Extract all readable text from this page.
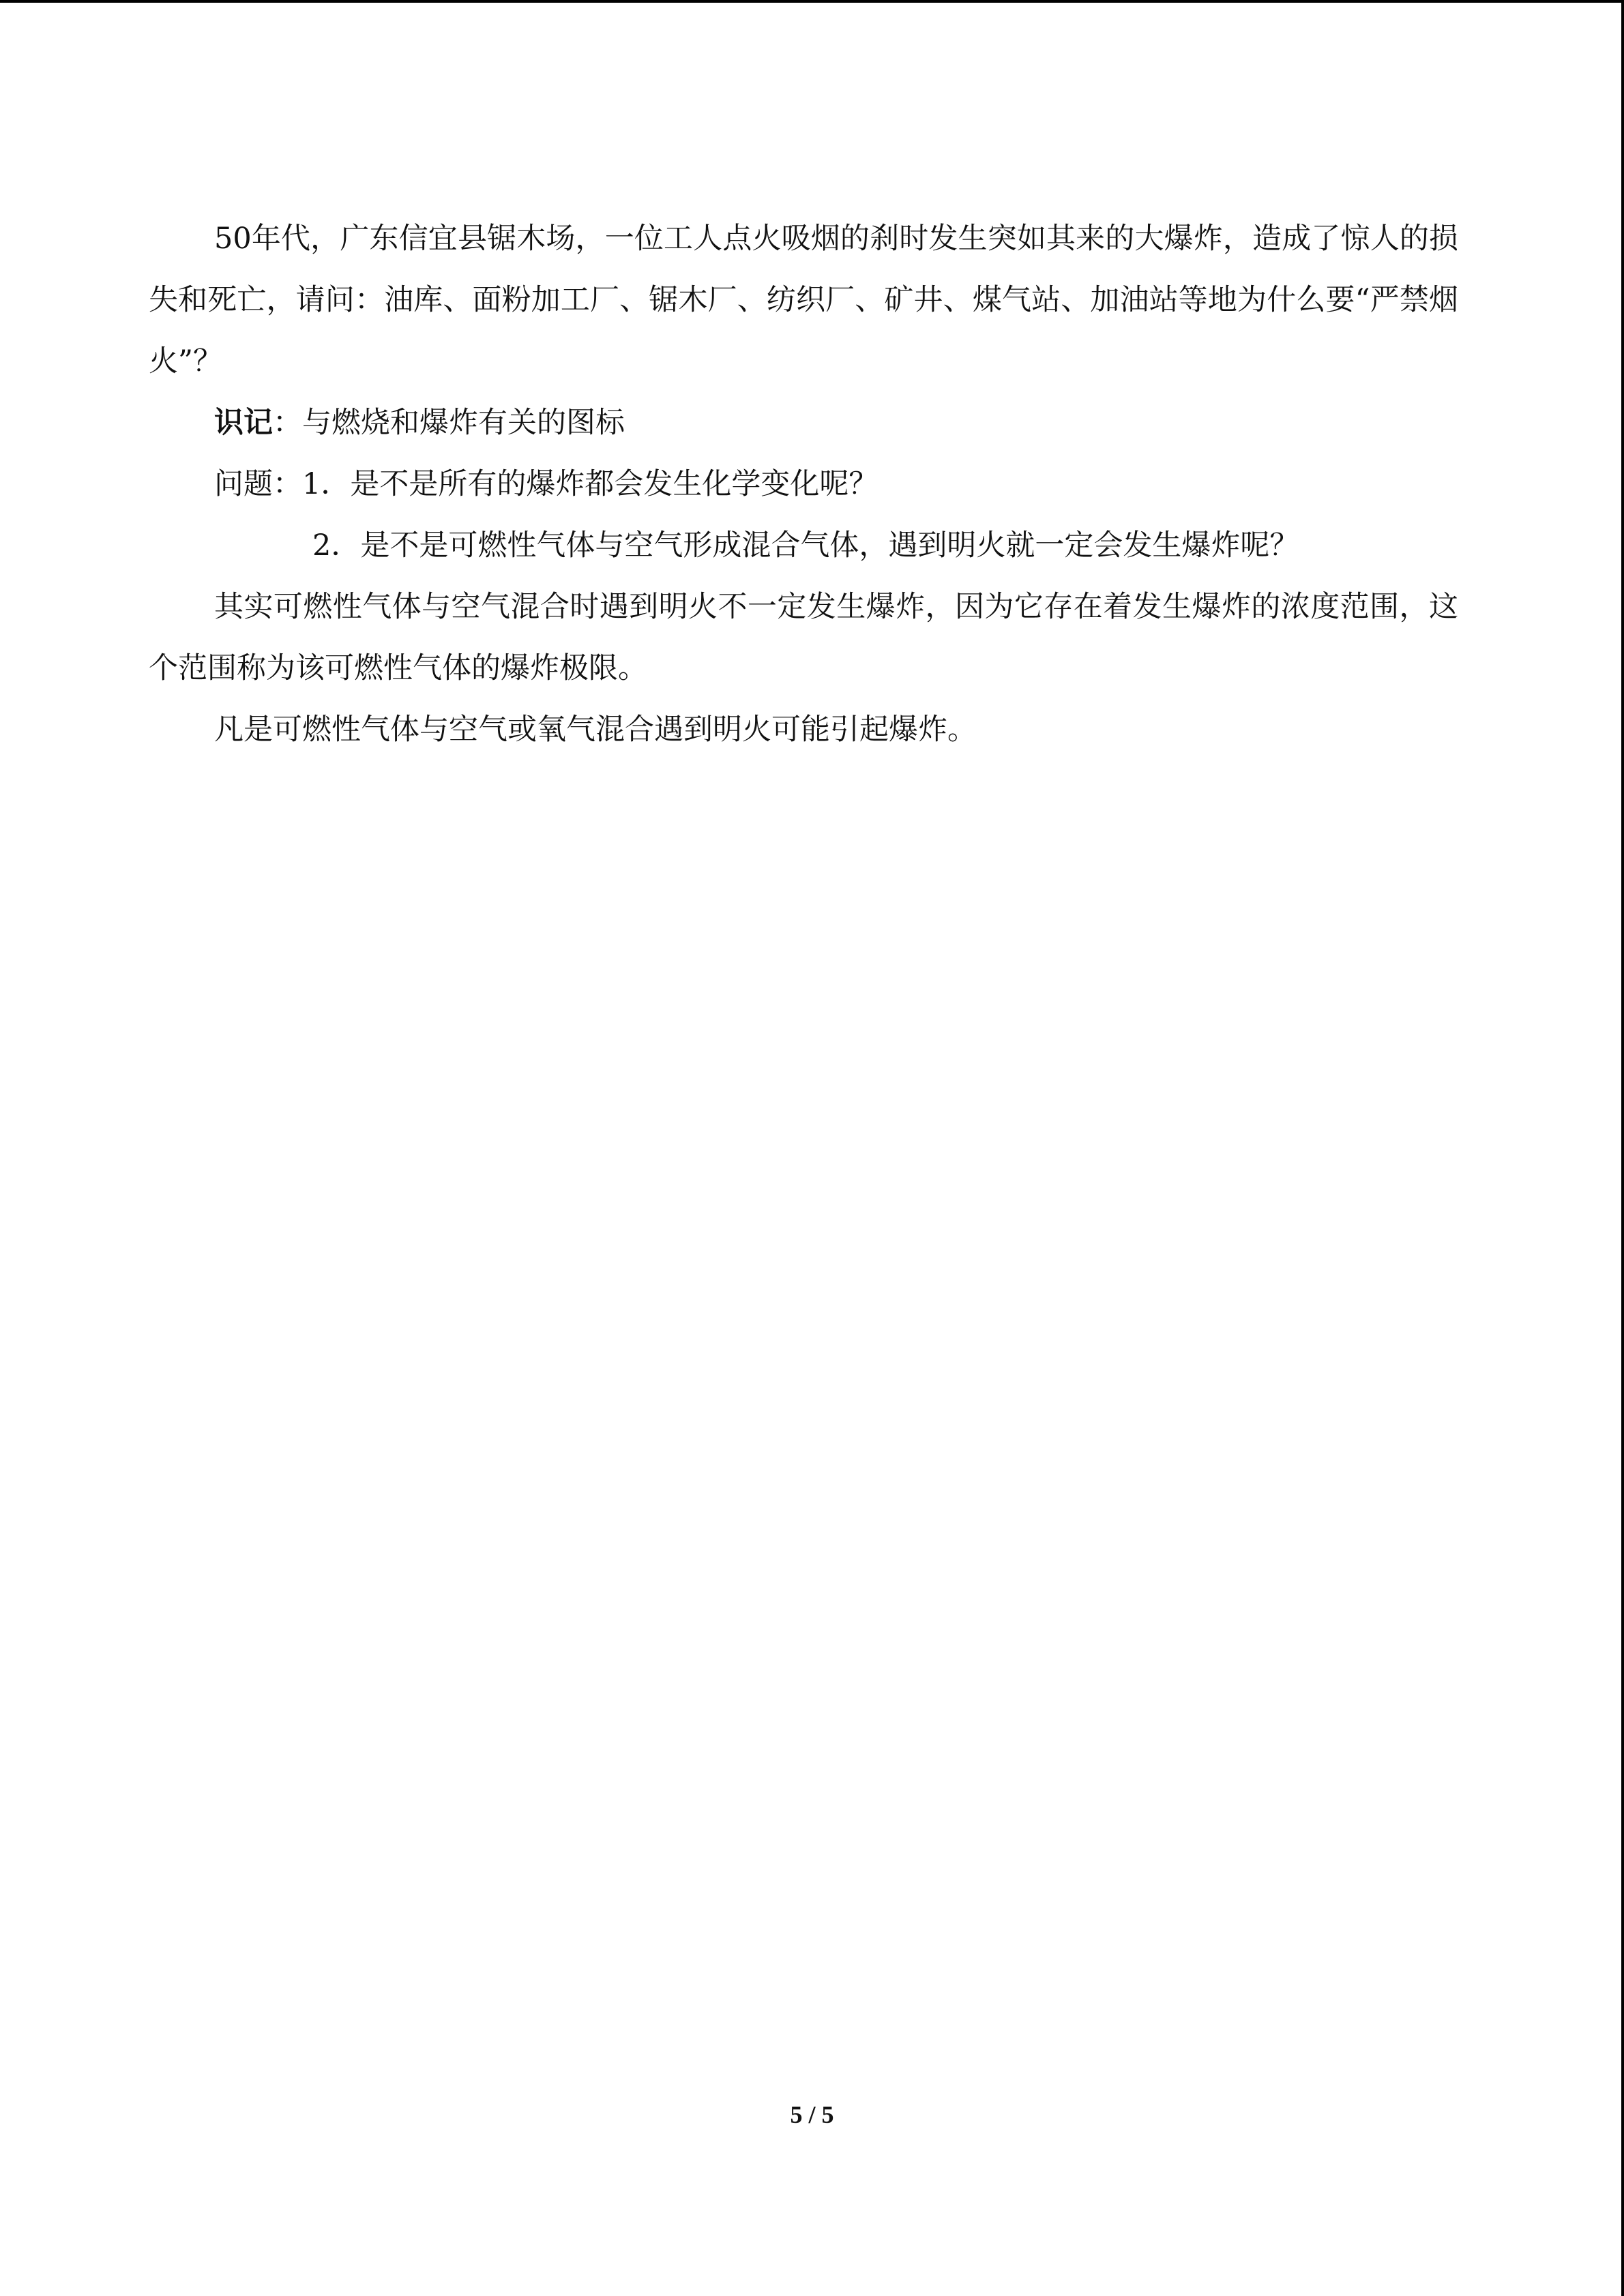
50年代，广东信宜县锯木场，一位工人点火吸烟的刹时发生突如其来的大爆炸，造成了惊人的损失和死亡，请问：油库、面粉加工厂、锯木厂、纺织厂、矿井、煤气站、加油站等地为什么要“严禁烟火”？

识记：与燃烧和爆炸有关的图标

问题：1．是不是所有的爆炸都会发生化学变化呢？

2．是不是可燃性气体与空气形成混合气体，遇到明火就一定会发生爆炸呢？

其实可燃性气体与空气混合时遇到明火不一定发生爆炸，因为它存在着发生爆炸的浓度范围，这个范围称为该可燃性气体的爆炸极限。

凡是可燃性气体与空气或氧气混合遇到明火可能引起爆炸。

5 / 5
